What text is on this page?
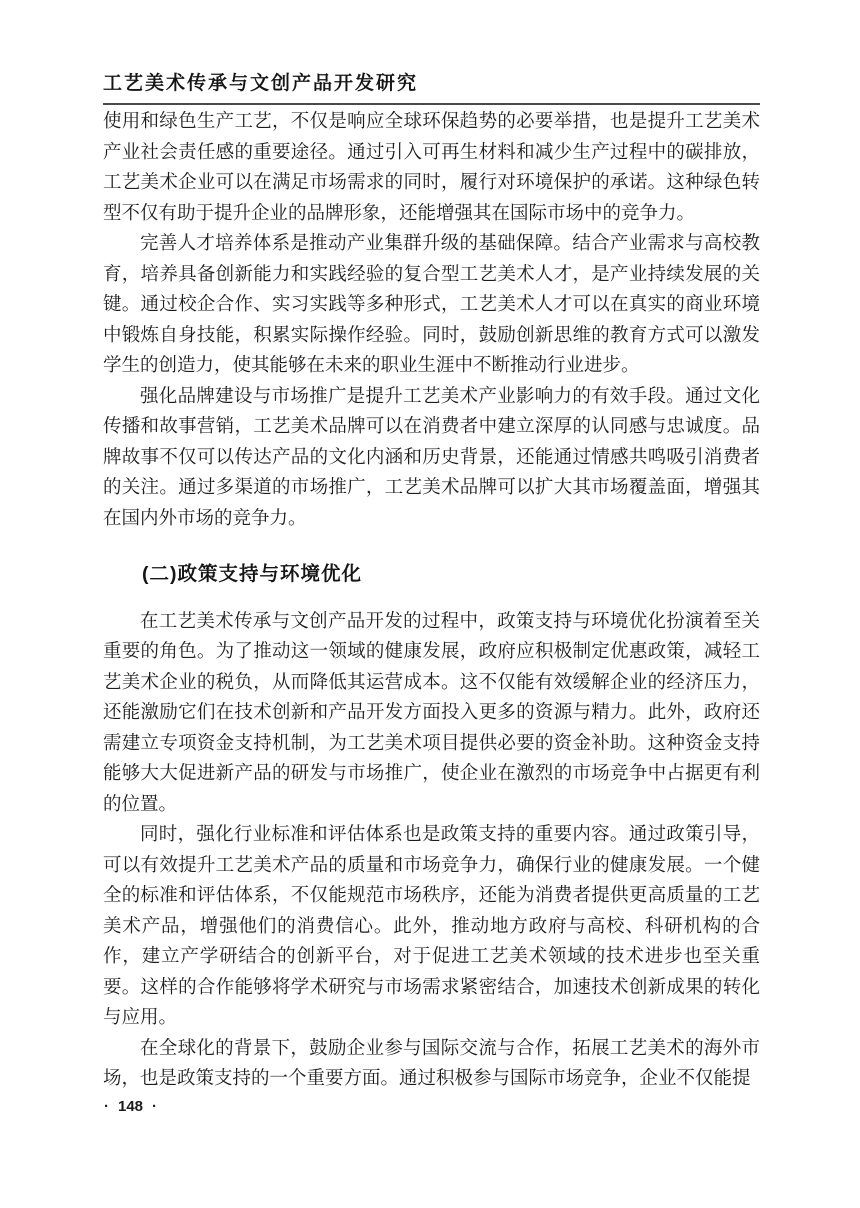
工艺美术传承与文创产品开发研究

使用和绿色生产工艺，不仅是响应全球环保趋势的必要举措，也是提升工艺美术产业社会责任感的重要途径。通过引入可再生材料和减少生产过程中的碳排放，工艺美术企业可以在满足市场需求的同时，履行对环境保护的承诺。这种绿色转型不仅有助于提升企业的品牌形象，还能增强其在国际市场中的竞争力。

完善人才培养体系是推动产业集群升级的基础保障。结合产业需求与高校教育，培养具备创新能力和实践经验的复合型工艺美术人才，是产业持续发展的关键。通过校企合作、实习实践等多种形式，工艺美术人才可以在真实的商业环境中锻炼自身技能，积累实际操作经验。同时，鼓励创新思维的教育方式可以激发学生的创造力，使其能够在未来的职业生涯中不断推动行业进步。

强化品牌建设与市场推广是提升工艺美术产业影响力的有效手段。通过文化传播和故事营销，工艺美术品牌可以在消费者中建立深厚的认同感与忠诚度。品牌故事不仅可以传达产品的文化内涵和历史背景，还能通过情感共鸣吸引消费者的关注。通过多渠道的市场推广，工艺美术品牌可以扩大其市场覆盖面，增强其在国内外市场的竞争力。

(二)政策支持与环境优化

在工艺美术传承与文创产品开发的过程中，政策支持与环境优化扮演着至关重要的角色。为了推动这一领域的健康发展，政府应积极制定优惠政策，减轻工艺美术企业的税负，从而降低其运营成本。这不仅能有效缓解企业的经济压力，还能激励它们在技术创新和产品开发方面投入更多的资源与精力。此外，政府还需建立专项资金支持机制，为工艺美术项目提供必要的资金补助。这种资金支持能够大大促进新产品的研发与市场推广，使企业在激烈的市场竞争中占据更有利的位置。

同时，强化行业标准和评估体系也是政策支持的重要内容。通过政策引导，可以有效提升工艺美术产品的质量和市场竞争力，确保行业的健康发展。一个健全的标准和评估体系，不仅能规范市场秩序，还能为消费者提供更高质量的工艺美术产品，增强他们的消费信心。此外，推动地方政府与高校、科研机构的合作，建立产学研结合的创新平台，对于促进工艺美术领域的技术进步也至关重要。这样的合作能够将学术研究与市场需求紧密结合，加速技术创新成果的转化与应用。

在全球化的背景下，鼓励企业参与国际交流与合作，拓展工艺美术的海外市场，也是政策支持的一个重要方面。通过积极参与国际市场竞争，企业不仅能提

· 148 ·
